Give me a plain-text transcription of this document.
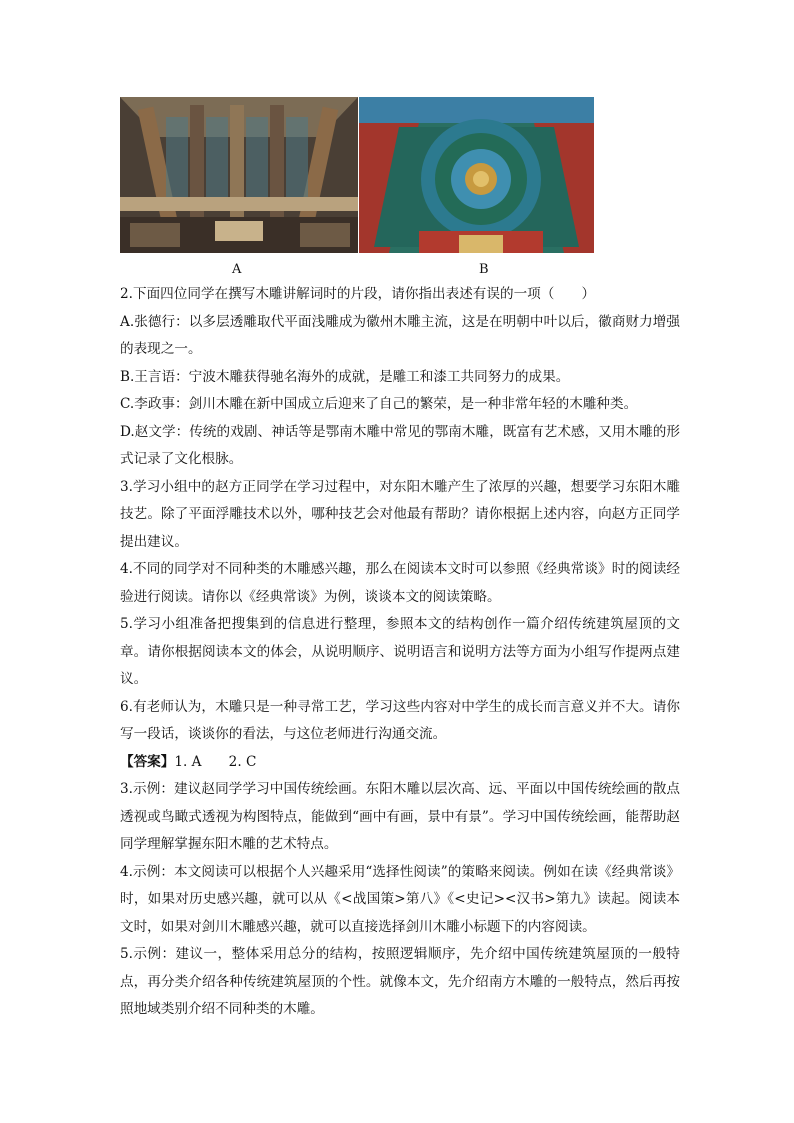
A	B

2.下面四位同学在撰写木雕讲解词时的片段，请你指出表述有误的一项（　　）

A.张德行：以多层透雕取代平面浅雕成为徽州木雕主流，这是在明朝中叶以后，徽商财力增强的表现之一。

B.王言语：宁波木雕获得驰名海外的成就，是雕工和漆工共同努力的成果。

C.李政事：剑川木雕在新中国成立后迎来了自己的繁荣，是一种非常年轻的木雕种类。

D.赵文学：传统的戏剧、神话等是鄂南木雕中常见的鄂南木雕，既富有艺术感，又用木雕的形式记录了文化根脉。

3.学习小组中的赵方正同学在学习过程中，对东阳木雕产生了浓厚的兴趣，想要学习东阳木雕技艺。除了平面浮雕技术以外，哪种技艺会对他最有帮助？请你根据上述内容，向赵方正同学提出建议。

4.不同的同学对不同种类的木雕感兴趣，那么在阅读本文时可以参照《经典常谈》时的阅读经验进行阅读。请你以《经典常谈》为例，谈谈本文的阅读策略。

5.学习小组准备把搜集到的信息进行整理，参照本文的结构创作一篇介绍传统建筑屋顶的文章。请你根据阅读本文的体会，从说明顺序、说明语言和说明方法等方面为小组写作提两点建议。

6.有老师认为，木雕只是一种寻常工艺，学习这些内容对中学生的成长而言意义并不大。请你写一段话，谈谈你的看法，与这位老师进行沟通交流。

【答案】1. A　　2. C

3.示例：建议赵同学学习中国传统绘画。东阳木雕以层次高、远、平面以中国传统绘画的散点透视或鸟瞰式透视为构图特点，能做到“画中有画，景中有景”。学习中国传统绘画，能帮助赵同学理解掌握东阳木雕的艺术特点。

4.示例：本文阅读可以根据个人兴趣采用“选择性阅读”的策略来阅读。例如在读《经典常谈》时，如果对历史感兴趣，就可以从《<战国策>第八》《<史记><汉书>第九》读起。阅读本文时，如果对剑川木雕感兴趣，就可以直接选择剑川木雕小标题下的内容阅读。

5.示例：建议一，整体采用总分的结构，按照逻辑顺序，先介绍中国传统建筑屋顶的一般特点，再分类介绍各种传统建筑屋顶的个性。就像本文，先介绍南方木雕的一般特点，然后再按照地域类别介绍不同种类的木雕。
